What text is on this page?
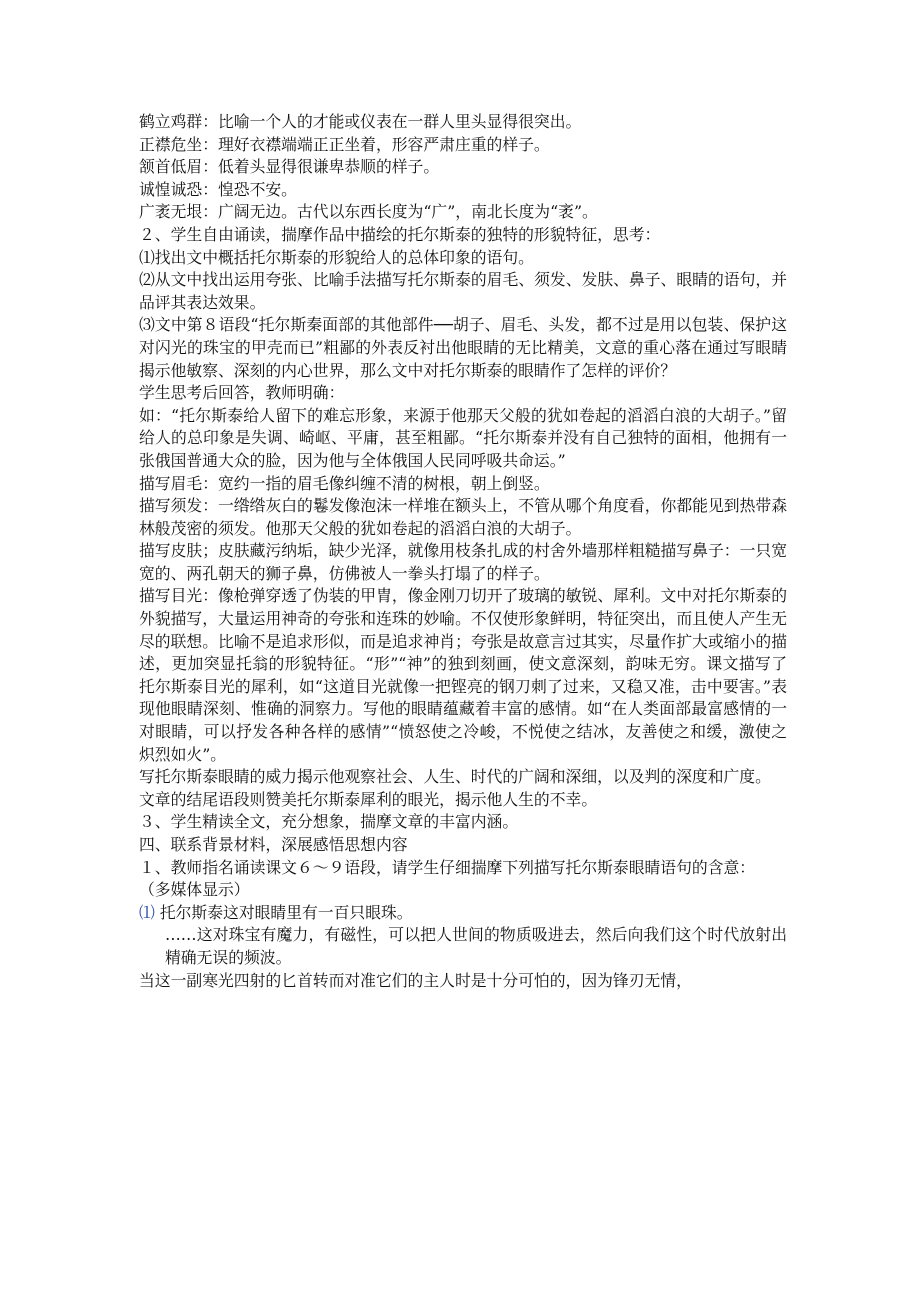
鹤立鸡群：比喻一个人的才能或仪表在一群人里头显得很突出。

正襟危坐：理好衣襟端端正正坐着，形容严肃庄重的样子。

颔首低眉：低着头显得很谦卑恭顺的样子。

诚惶诚恐：惶恐不安。

广袤无垠：广阔无边。古代以东西长度为“广”，南北长度为“袤”。

２、学生自由诵读，揣摩作品中描绘的托尔斯泰的独特的形貌特征，思考：

⑴找出文中概括托尔斯泰的形貌给人的总体印象的语句。

⑵从文中找出运用夸张、比喻手法描写托尔斯泰的眉毛、须发、发肤、鼻子、眼睛的语句，并品评其表达效果。

⑶文中第８语段“托尔斯秦面部的其他部件──胡子、眉毛、头发，都不过是用以包装、保护这对闪光的珠宝的甲壳而已”粗鄙的外表反衬出他眼睛的无比精美，文意的重心落在通过写眼睛揭示他敏察、深刻的内心世界，那么文中对托尔斯泰的眼睛作了怎样的评价？

学生思考后回答，教师明确：

如：“托尔斯泰给人留下的难忘形象，来源于他那天父般的犹如卷起的滔滔白浪的大胡子。”留给人的总印象是失调、崎岖、平庸，甚至粗鄙。“托尔斯泰并没有自己独特的面相，他拥有一张俄国普通大众的脸，因为他与全体俄国人民同呼吸共命运。”

描写眉毛：宽约一指的眉毛像纠缠不清的树根，朝上倒竖。

描写须发：一绺绺灰白的鬈发像泡沫一样堆在额头上，不管从哪个角度看，你都能见到热带森林般茂密的须发。他那天父般的犹如卷起的滔滔白浪的大胡子。

描写皮肤；皮肤藏污纳垢，缺少光泽，就像用枝条扎成的村舍外墙那样粗糙描写鼻子：一只宽宽的、两孔朝天的狮子鼻，仿佛被人一拳头打塌了的样子。

描写目光：像枪弹穿透了伪装的甲胄，像金刚刀切开了玻璃的敏锐、犀利。文中对托尔斯泰的外貌描写，大量运用神奇的夸张和连珠的妙喻。不仅使形象鲜明，特征突出，而且使人产生无尽的联想。比喻不是追求形似，而是追求神肖；夸张是故意言过其实，尽量作扩大或缩小的描述，更加突显托翁的形貌特征。“形”“神”的独到刻画，使文意深刻，韵味无穷。课文描写了托尔斯泰目光的犀利，如“这道目光就像一把铿亮的钢刀刺了过来，又稳又准，击中要害。”表现他眼睛深刻、惟确的洞察力。写他的眼睛蕴藏着丰富的感情。如“在人类面部最富感情的一对眼睛，可以抒发各种各样的感情”“愤怒使之冷峻，不悦使之结冰，友善使之和缓，激使之炽烈如火”。

写托尔斯泰眼睛的威力揭示他观察社会、人生、时代的广阔和深细，以及判的深度和广度。

文章的结尾语段则赞美托尔斯泰犀利的眼光，揭示他人生的不幸。

３、学生精读全文，充分想象，揣摩文章的丰富内涵。

四、联系背景材料，深展感悟思想内容

１、教师指名诵读课文６～９语段，请学生仔细揣摩下列描写托尔斯泰眼睛语句的含意：

（多媒体显示）

⑴ 托尔斯泰这对眼睛里有一百只眼珠。

……这对珠宝有魔力，有磁性，可以把人世间的物质吸进去，然后向我们这个时代放射出精确无误的频波。

当这一副寒光四射的匕首转而对准它们的主人时是十分可怕的，因为锋刃无情，
